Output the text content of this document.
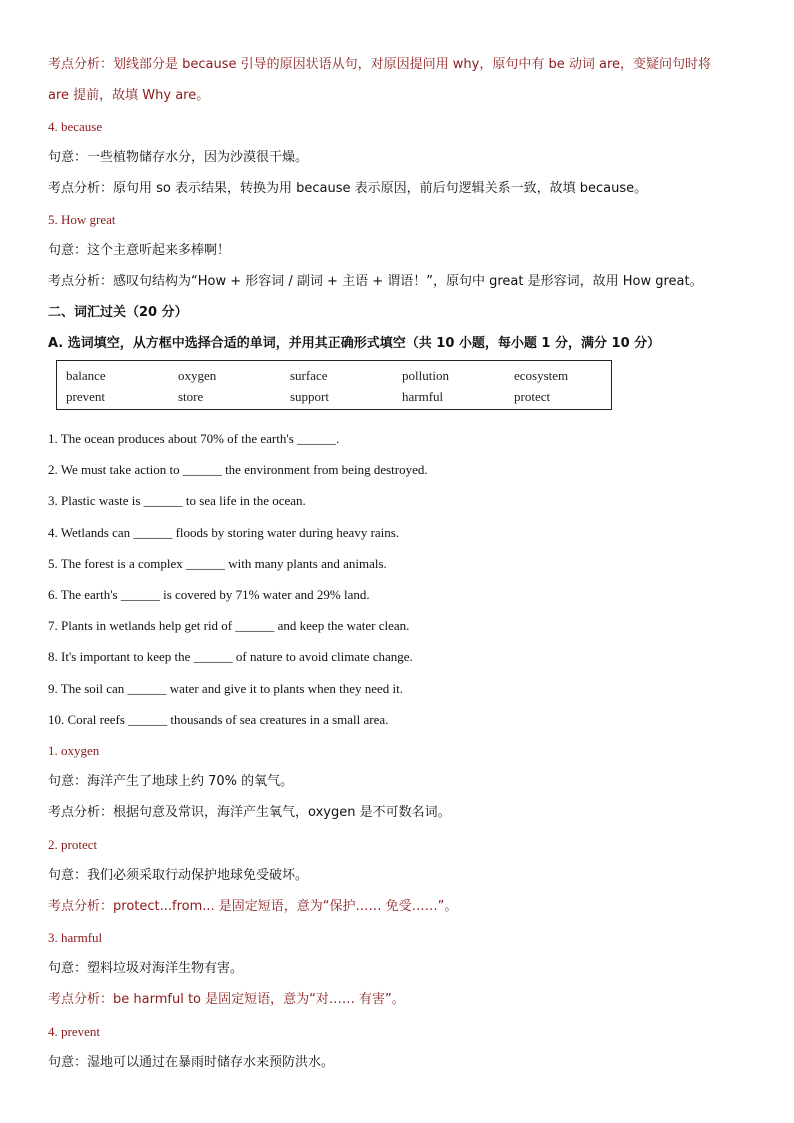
考点分析：划线部分是 because 引导的原因状语从句，对原因提问用 why，原句中有 be 动词 are，变疑问句时将
are 提前，故填 Why are。
4. because
句意：一些植物储存水分，因为沙漠很干燥。
考点分析：原句用 so 表示结果，转换为用 because 表示原因，前后句逻辑关系一致，故填 because。
5. How great
句意：这个主意听起来多棒啊！
考点分析：感叹句结构为“How + 形容词 / 副词 + 主语 + 谓语！”，原句中 great 是形容词，故用 How great。
二、词汇过关（20 分）
A. 选词填空，从方框中选择合适的单词，并用其正确形式填空（共 10 小题，每小题 1 分，满分 10 分）
balance	oxygen	surface	pollution	ecosystem
prevent	store	support	harmful	protect
1. The ocean produces about 70% of the earth's ______.
2. We must take action to ______ the environment from being destroyed.
3. Plastic waste is ______ to sea life in the ocean.
4. Wetlands can ______ floods by storing water during heavy rains.
5. The forest is a complex ______ with many plants and animals.
6. The earth's ______ is covered by 71% water and 29% land.
7. Plants in wetlands help get rid of ______ and keep the water clean.
8. It's important to keep the ______ of nature to avoid climate change.
9. The soil can ______ water and give it to plants when they need it.
10. Coral reefs ______ thousands of sea creatures in a small area.
1. oxygen
句意：海洋产生了地球上约 70% 的氧气。
考点分析：根据句意及常识，海洋产生氧气，oxygen 是不可数名词。
2. protect
句意：我们必须采取行动保护地球免受破坏。
考点分析：protect...from... 是固定短语，意为“保护…… 免受……”。
3. harmful
句意：塑料垃圾对海洋生物有害。
考点分析：be harmful to 是固定短语，意为“对…… 有害”。
4. prevent
句意：湿地可以通过在暴雨时储存水来预防洪水。
